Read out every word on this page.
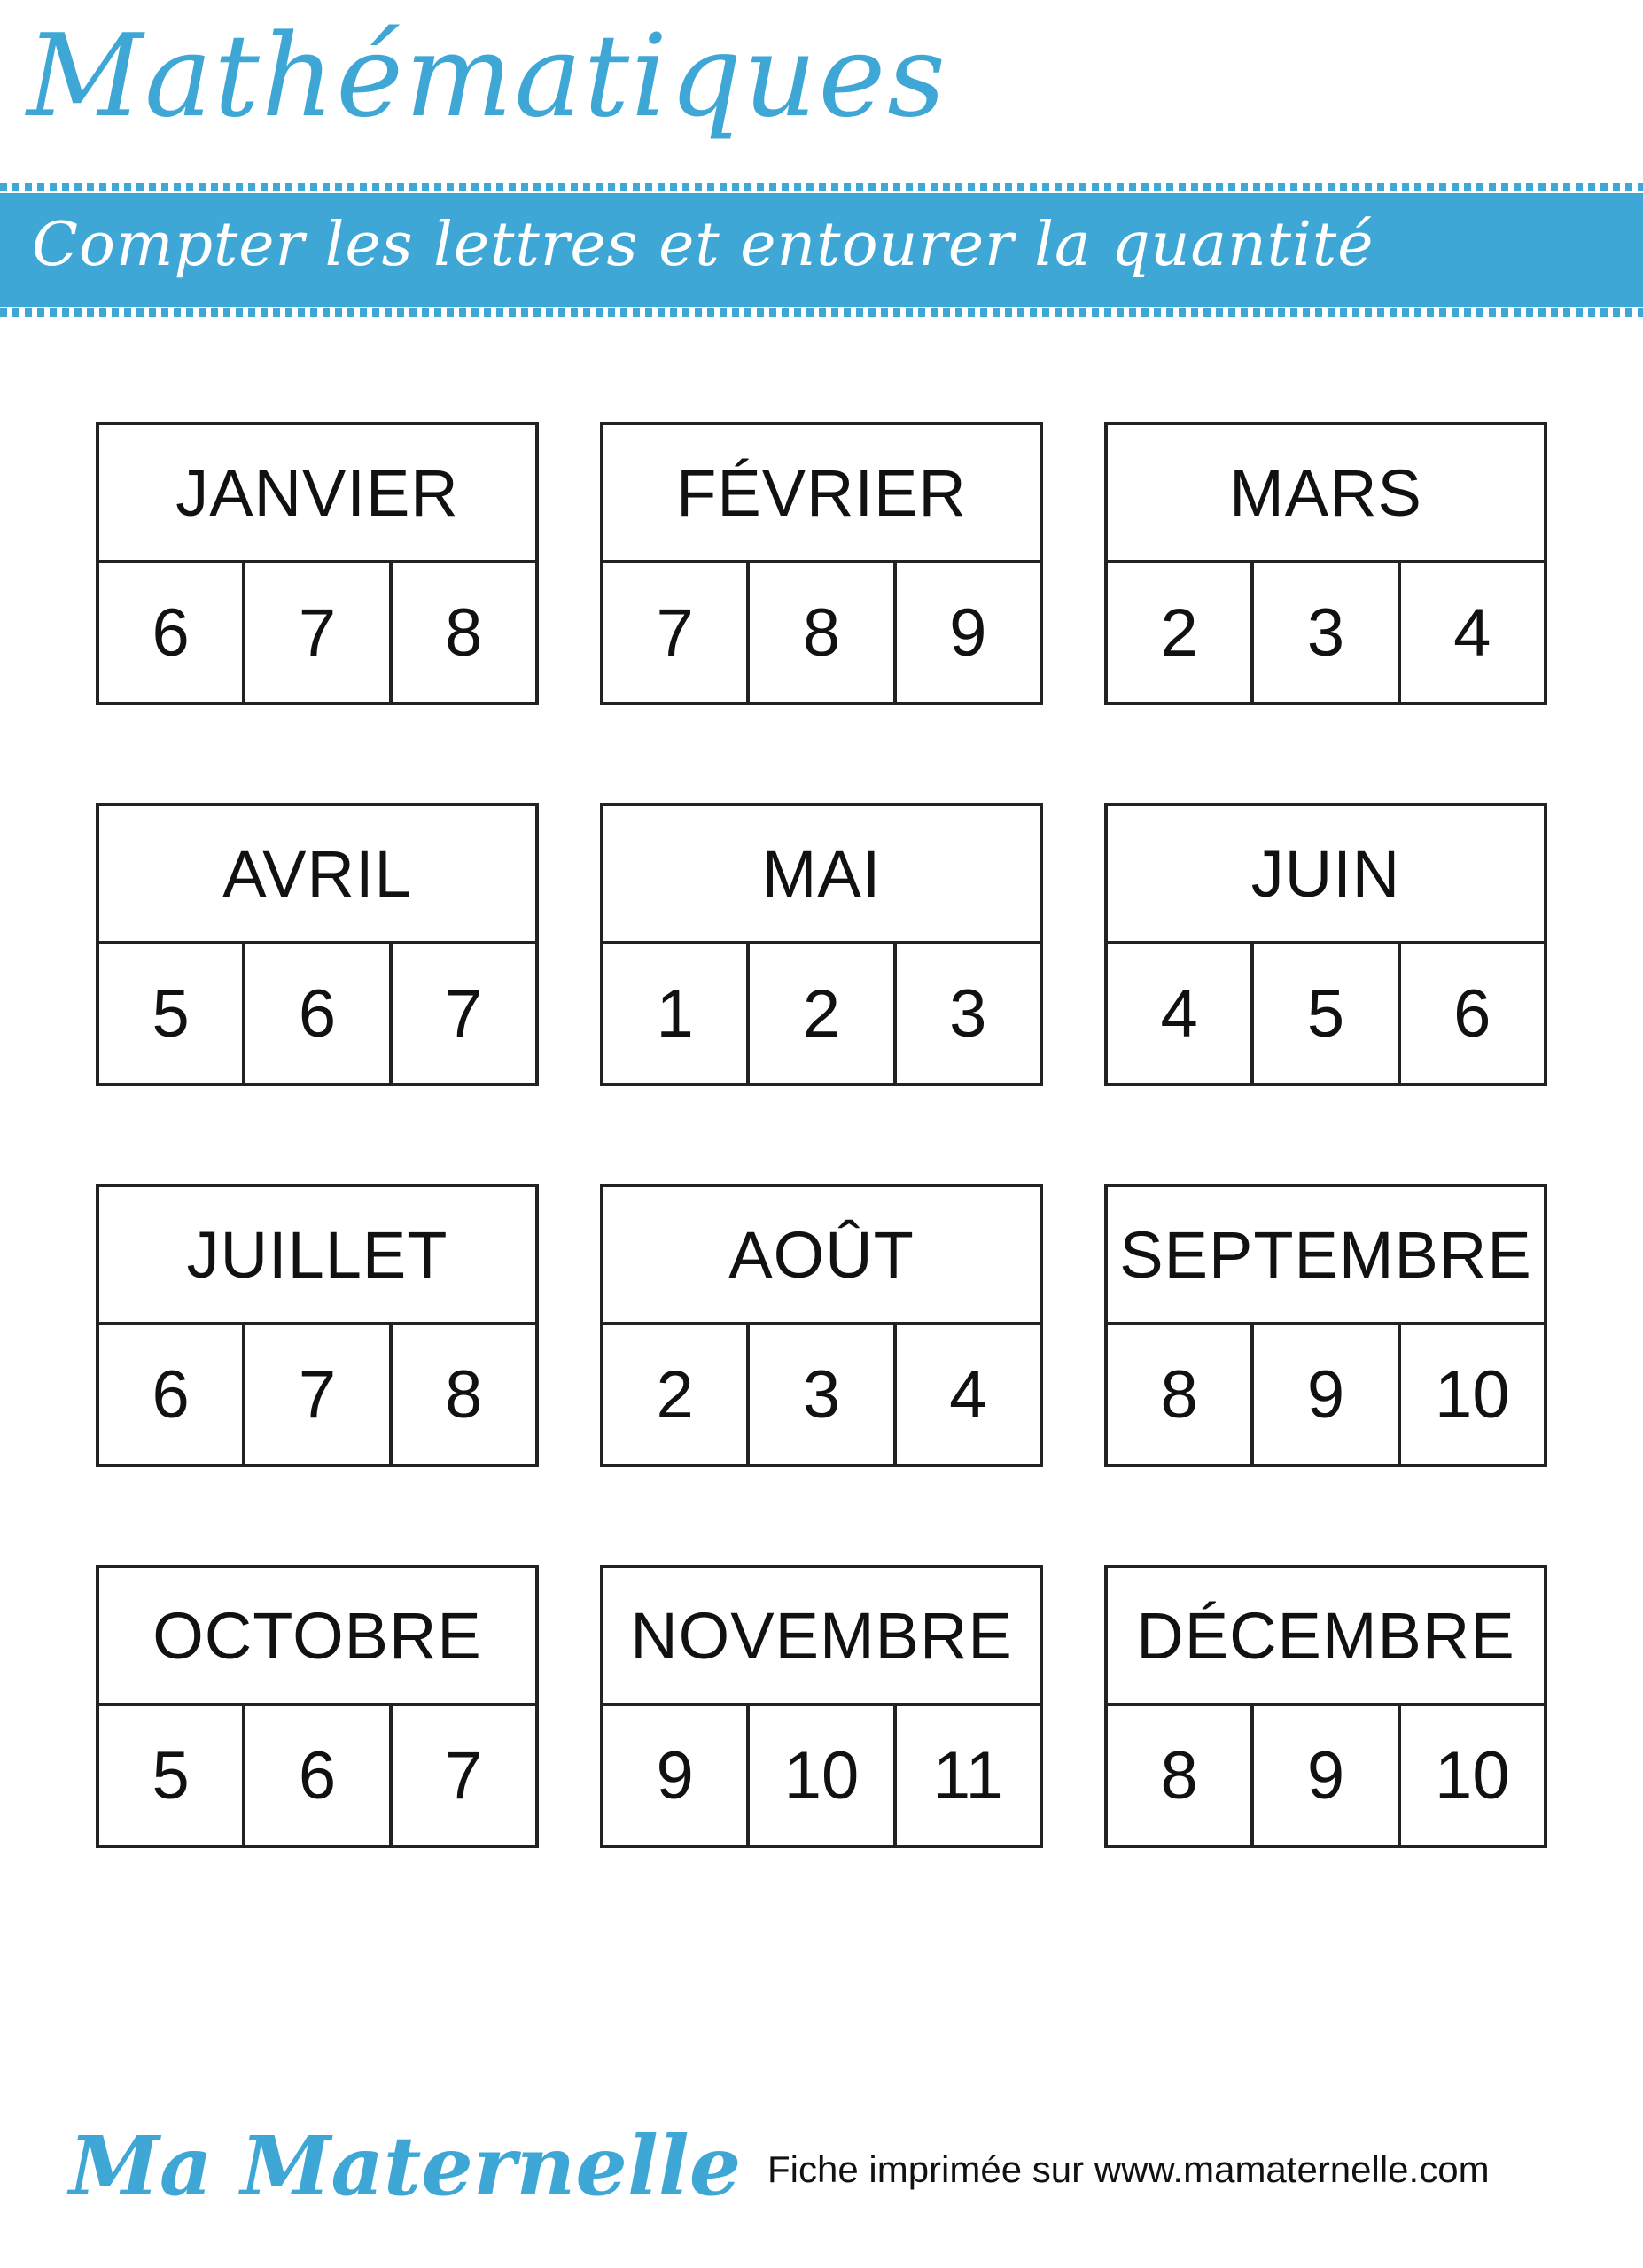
Mathématiques
Compter les lettres et entourer la quantité
JANVIER
6	7	8
FÉVRIER
7	8	9
MARS
2	3	4
AVRIL
5	6	7
MAI
1	2	3
JUIN
4	5	6
JUILLET
6	7	8
AOÛT
2	3	4
SEPTEMBRE
8	9	10
OCTOBRE
5	6	7
NOVEMBRE
9	10	11
DÉCEMBRE
8	9	10
Ma Maternelle Fiche imprimée sur www.mamaternelle.com
